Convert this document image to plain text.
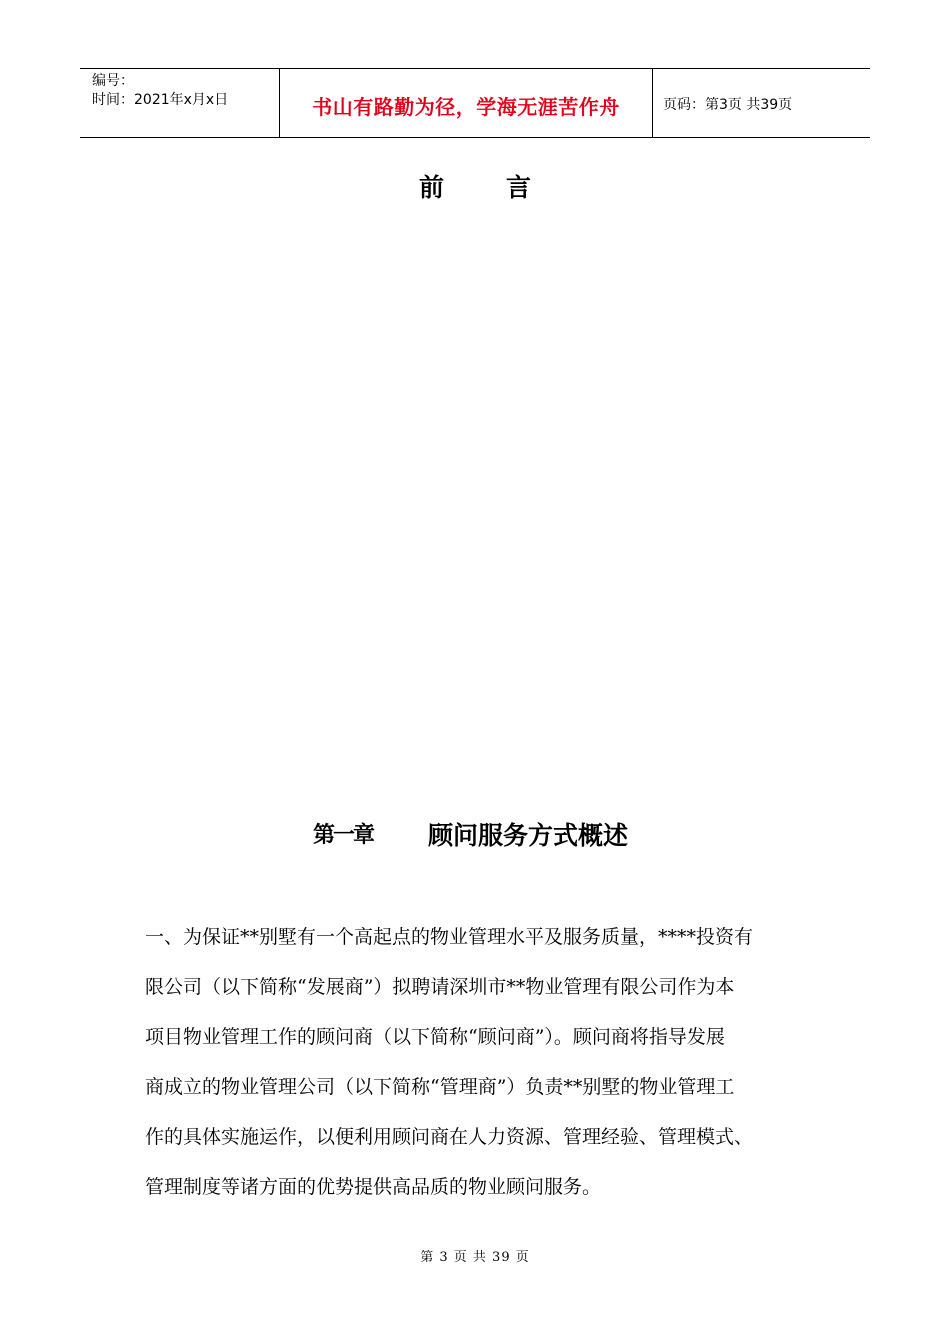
编号：
时间：2021年x月x日	书山有路勤为径，学海无涯苦作舟	页码：第3页 共39页
前言
第一章 顾问服务方式概述
一、为保证**别墅有一个高起点的物业管理水平及服务质量，****投资有
限公司（以下简称“发展商”）拟聘请深圳市**物业管理有限公司作为本
项目物业管理工作的顾问商（以下简称“顾问商”）。顾问商将指导发展
商成立的物业管理公司（以下简称“管理商”）负责**别墅的物业管理工
作的具体实施运作，以便利用顾问商在人力资源、管理经验、管理模式、
管理制度等诸方面的优势提供高品质的物业顾问服务。
第 3 页 共 39 页
